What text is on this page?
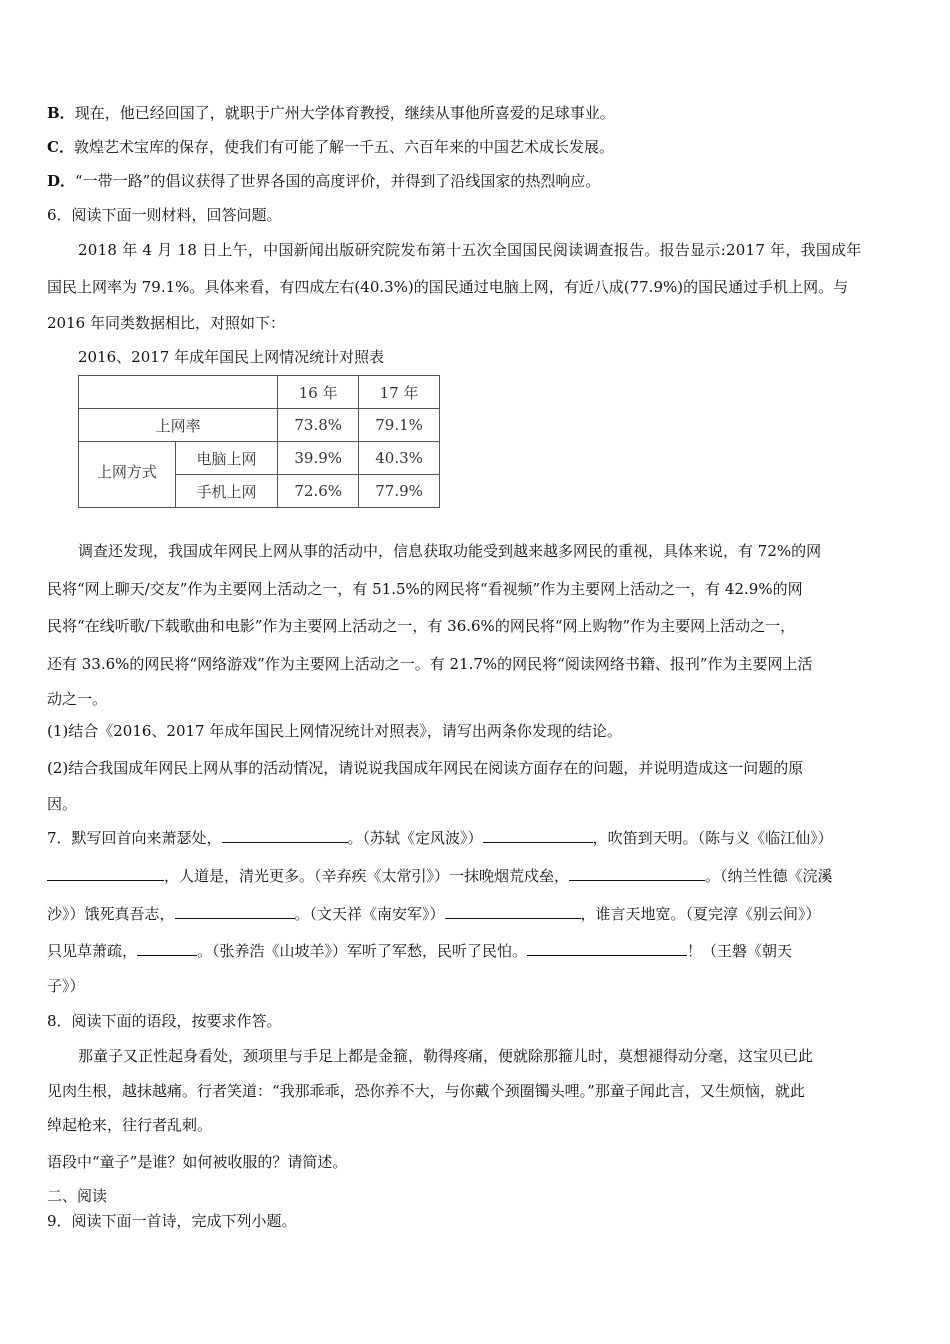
B．现在，他已经回国了，就职于广州大学体育教授，继续从事他所喜爱的足球事业。
C．敦煌艺术宝库的保存，使我们有可能了解一千五、六百年来的中国艺术成长发展。
D．“一带一路”的倡议获得了世界各国的高度评价，并得到了沿线国家的热烈响应。
6．阅读下面一则材料，回答问题。
2018 年 4 月 18 日上午，中国新闻出版研究院发布第十五次全国国民阅读调查报告。报告显示:2017 年，我国成年
国民上网率为 79.1%。具体来看，有四成左右(40.3%)的国民通过电脑上网，有近八成(77.9%)的国民通过手机上网。与
2016 年同类数据相比，对照如下：
2016、2017 年成年国民上网情况统计对照表
		16 年	17 年
上网率		73.8%	79.1%
上网方式	电脑上网	39.9%	40.3%
	手机上网	72.6%	77.9%
调查还发现，我国成年网民上网从事的活动中，信息获取功能受到越来越多网民的重视，具体来说，有 72%的网
民将“网上聊天/交友”作为主要网上活动之一，有 51.5%的网民将“看视频”作为主要网上活动之一，有 42.9%的网
民将“在线听歌/下载歌曲和电影”作为主要网上活动之一，有 36.6%的网民将“网上购物”作为主要网上活动之一，
还有 33.6%的网民将“网络游戏”作为主要网上活动之一。有 21.7%的网民将“阅读网络书籍、报刊”作为主要网上活
动之一。
(1)结合《2016、2017 年成年国民上网情况统计对照表》，请写出两条你发现的结论。
(2)结合我国成年网民上网从事的活动情况，请说说我国成年网民在阅读方面存在的问题，并说明造成这一问题的原
因。
7．默写回首向来萧瑟处，	。（苏轼《定风波》）	，吹笛到天明。（陈与义《临江仙》）
，人道是，清光更多。（辛弃疾《太常引》）一抹晚烟荒戍垒，	。（纳兰性德《浣溪
沙》）饿死真吾志，	。（文天祥《南安军》）	，谁言天地宽。（夏完淳《别云间》）
只见草萧疏，	。（张养浩《山坡羊》）军听了军愁，民听了民怕。	！（王磐《朝天
子》）
8．阅读下面的语段，按要求作答。
那童子又正性起身看处，颈项里与手足上都是金箍，勒得疼痛，便就除那箍儿时，莫想褪得动分毫，这宝贝已此
见肉生根，越抹越痛。行者笑道：“我那乖乖，恐你养不大，与你戴个颈圈镯头哩。”那童子闻此言，又生烦恼，就此
绰起枪来，往行者乱刺。
语段中“童子”是谁？如何被收服的？请简述。
二、阅读
9．阅读下面一首诗，完成下列小题。
